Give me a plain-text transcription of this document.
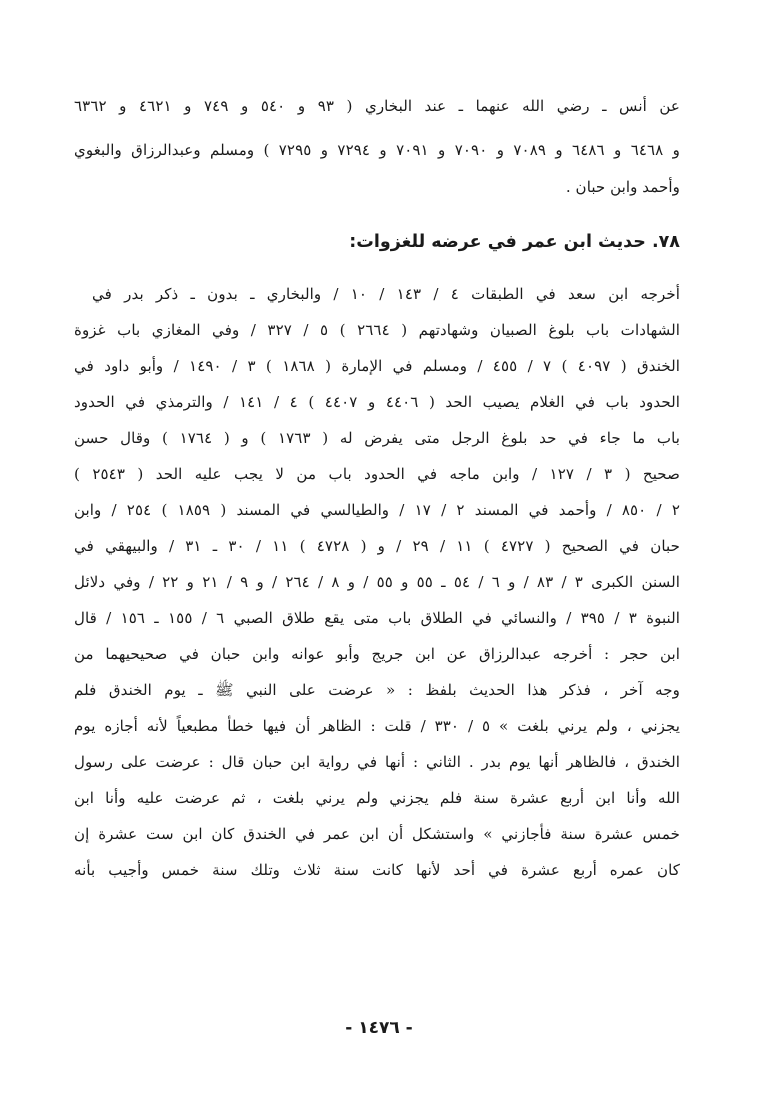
عن أنس ـ رضي الله عنهما ـ عند البخاري ( ٩٣ و ٥٤٠ و ٧٤٩ و ٤٦٢١ و ٦٣٦٢
و ٦٤٦٨ و ٦٤٨٦ و ٧٠٨٩ و ٧٠٩٠ و ٧٠٩١ و ٧٢٩٤ و ٧٢٩٥ ) ومسلم وعبدالرزاق والبغوي
وأحمد وابن حبان .
٧٨. حديث ابن عمر في عرضه للغزوات:
أخرجه ابن سعد في الطبقات ٤ / ١٤٣ / ١٠ / والبخاري ـ بدون ـ ذكر بدر في
الشهادات باب بلوغ الصبيان وشهادتهم ( ٢٦٦٤ ) ٥ / ٣٢٧ / وفي المغازي باب غزوة
الخندق ( ٤٠٩٧ ) ٧ / ٤٥٥ / ومسلم في الإمارة ( ١٨٦٨ ) ٣ / ١٤٩٠ / وأبو داود في
الحدود باب في الغلام يصيب الحد ( ٤٤٠٦ و ٤٤٠٧ ) ٤ / ١٤١ / والترمذي في الحدود
باب ما جاء في حد بلوغ الرجل متى يفرض له ( ١٧٦٣ ) و ( ١٧٦٤ ) وقال حسن
صحيح ( ٣ / ١٢٧ / وابن ماجه في الحدود باب من لا يجب عليه الحد ( ٢٥٤٣ )
٢ / ٨٥٠ / وأحمد في المسند ٢ / ١٧ / والطيالسي في المسند ( ١٨٥٩ ) ٢٥٤ / وابن
حبان في الصحيح ( ٤٧٢٧ ) ١١ / ٢٩ / و ( ٤٧٢٨ ) ١١ / ٣٠ ـ ٣١ / والبيهقي في
السنن الكبرى ٣ / ٨٣ / و ٦ / ٥٤ ـ ٥٥ و ٥٥ / و ٨ / ٢٦٤ / و ٩ / ٢١ و ٢٢ / وفي دلائل
النبوة ٣ / ٣٩٥ / والنسائي في الطلاق باب متى يقع طلاق الصبي ٦ / ١٥٥ ـ ١٥٦ / قال
ابن حجر : أخرجه عبدالرزاق عن ابن جريج وأبو عوانه وابن حبان في صحيحيهما من
وجه آخر ، فذكر هذا الحديث بلفظ : « عرضت على النبي ﷺ ـ يوم الخندق فلم
يجزني ، ولم يرني بلغت » ٥ / ٣٣٠ / قلت : الظاهر أن فيها خطأ مطبعياً لأنه أجازه يوم
الخندق ، فالظاهر أنها يوم بدر . الثاني : أنها في رواية ابن حبان قال : عرضت على رسول
الله وأنا ابن أربع عشرة سنة فلم يجزني ولم يرني بلغت ، ثم عرضت عليه وأنا ابن
خمس عشرة سنة فأجازني » واستشكل أن ابن عمر في الخندق كان ابن ست عشرة إن
كان عمره أربع عشرة في أحد لأنها كانت سنة ثلاث وتلك سنة خمس وأجيب بأنه
- ١٤٧٦ -
